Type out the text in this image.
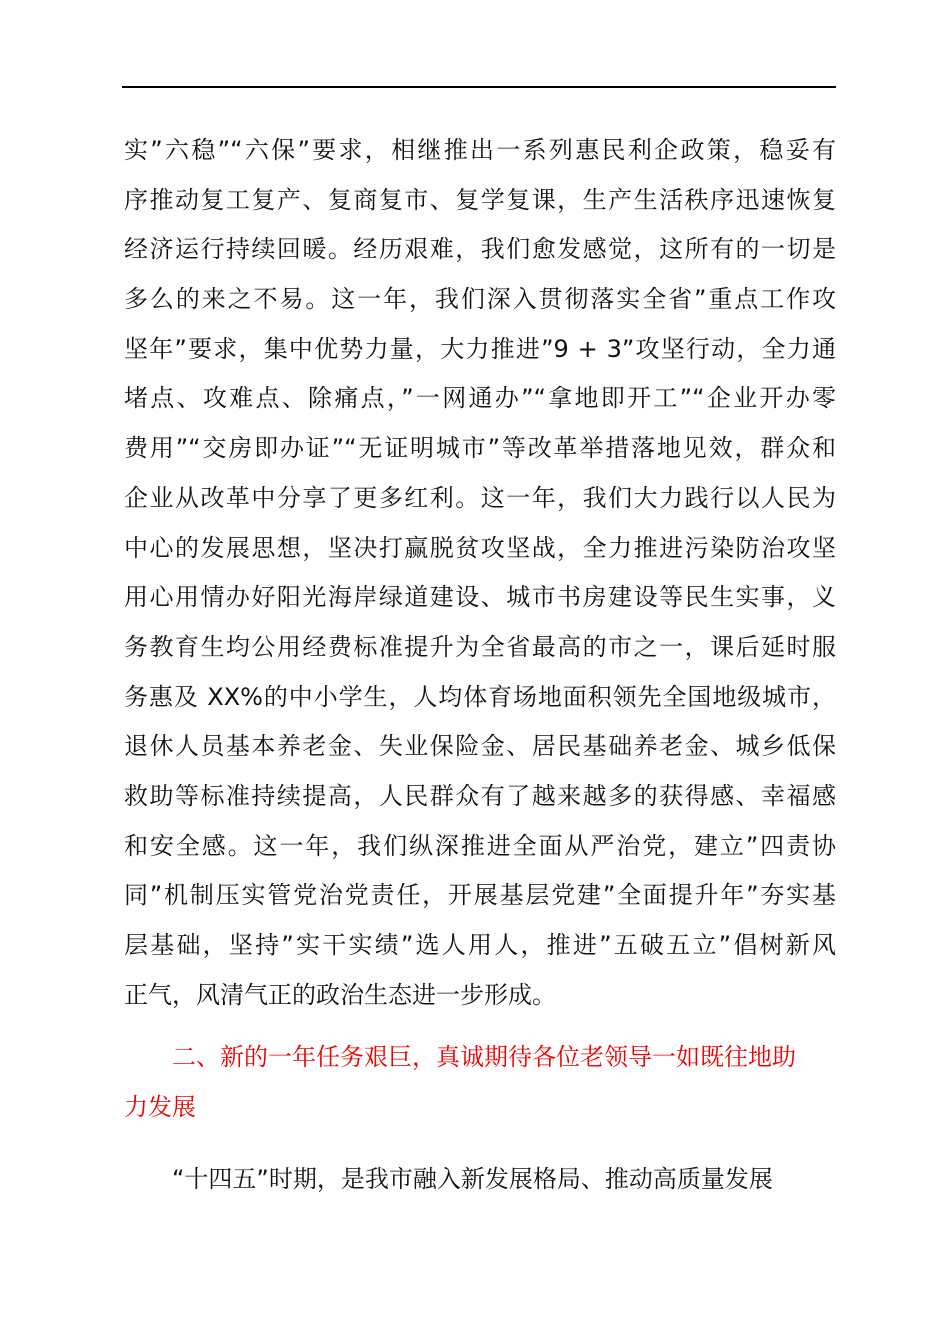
实”六稳”“六保”要求，相继推出一系列惠民利企政策，稳妥有
序推动复工复产、复商复市、复学复课，生产生活秩序迅速恢复
经济运行持续回暖。经历艰难，我们愈发感觉，这所有的一切是
多么的来之不易。这一年，我们深入贯彻落实全省”重点工作攻
坚年”要求，集中优势力量，大力推进”9 + 3”攻坚行动，全力通
堵点、攻难点、除痛点，”一网通办”“拿地即开工”“企业开办零
费用”“交房即办证”“无证明城市”等改革举措落地见效，群众和
企业从改革中分享了更多红利。这一年，我们大力践行以人民为
中心的发展思想，坚决打赢脱贫攻坚战，全力推进污染防治攻坚
用心用情办好阳光海岸绿道建设、城市书房建设等民生实事，义
务教育生均公用经费标准提升为全省最高的市之一，课后延时服
务惠及 XX%的中小学生，人均体育场地面积领先全国地级城市，
退休人员基本养老金、失业保险金、居民基础养老金、城乡低保
救助等标准持续提高，人民群众有了越来越多的获得感、幸福感
和安全感。这一年，我们纵深推进全面从严治党，建立”四责协
同”机制压实管党治党责任，开展基层党建”全面提升年”夯实基
层基础，坚持”实干实绩”选人用人，推进”五破五立”倡树新风
正气，风清气正的政治生态进一步形成。
二、新的一年任务艰巨，真诚期待各位老领导一如既往地助
力发展
“十四五”时期，是我市融入新发展格局、推动高质量发展
